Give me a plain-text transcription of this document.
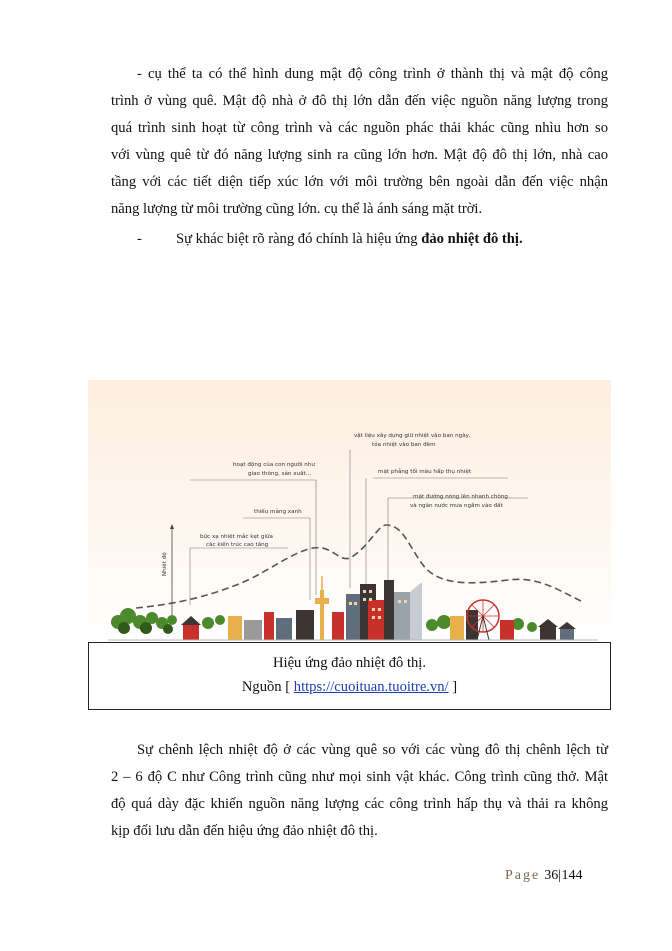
- cụ thể ta có thể hình dung mật độ công trình ở thành thị và mật độ công
trình ở vùng quê. Mật độ nhà ở đô thị lớn dẫn đến việc nguồn năng lượng trong
quá trình sinh hoạt từ công trình và các nguồn phác thải khác cũng nhìu hơn so
với vùng quê từ đó năng lượng sinh ra cũng lớn hơn. Mật độ đô thị lớn, nhà cao
tầng với các tiết diện tiếp xúc lớn với môi trường bên ngoài dẫn đến việc nhận
năng lượng từ môi trường cũng lớn. cụ thể là ánh sáng mặt trời.
- Sự khác biệt rõ ràng đó chính là hiệu ứng đảo nhiệt đô thị.
Nhiệt độ
vật liệu xây dựng giữ nhiệt vào ban ngày,
tỏa nhiệt vào ban đêm
hoạt động của con người như
giao thông, sản xuất...	mặt phẳng tối màu hấp thụ nhiệt
mặt đường nóng lên nhanh chóng
và ngăn nước mưa ngấm vào đất
thiếu mảng xanh
bức xạ nhiệt mắc kẹt giữa
các kiến trúc cao tầng
Hiệu ứng đảo nhiệt đô thị.
Nguồn [ https://cuoituan.tuoitre.vn/ ]
Sự chênh lệch nhiệt độ ở các vùng quê so với các vùng đô thị chênh lệch từ
2 – 6 độ C như Công trình cũng như mọi sinh vật khác. Công trình cũng thở. Mật
độ quá dày đặc khiến nguồn năng lượng các công trình hấp thụ và thải ra không
kịp đối lưu dẫn đến hiệu ứng đảo nhiệt đô thị.
Page 36|144
